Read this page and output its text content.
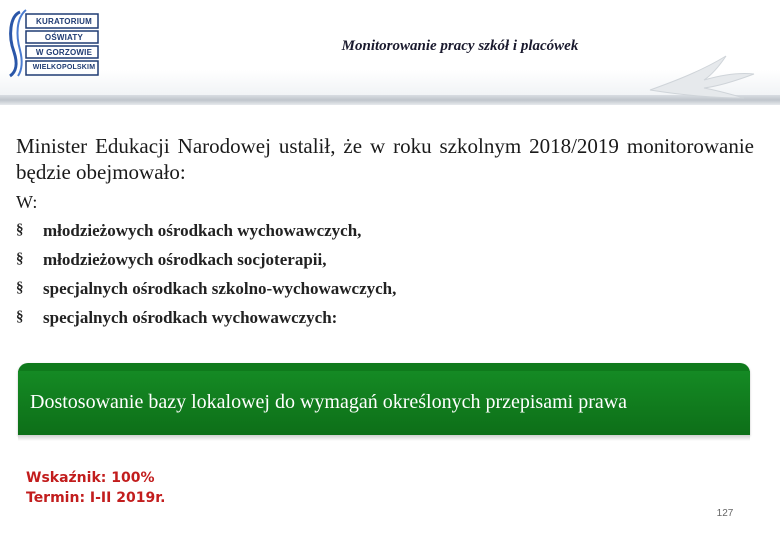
KURATORIUM
OŚWIATY
W GORZOWIE
WIELKOPOLSKIM
Monitorowanie pracy szkół i placówek
Minister Edukacji Narodowej ustalił, że w roku szkolnym 2018/2019 monitorowanie będzie obejmowało:
W:
§	młodzieżowych ośrodkach wychowawczych,
§	młodzieżowych ośrodkach socjoterapii,
§	specjalnych ośrodkach szkolno-wychowawczych,
§	specjalnych ośrodkach wychowawczych:
Dostosowanie bazy lokalowej do wymagań określonych przepisami prawa
Wskaźnik: 100%
Termin: I-II 2019r.
127
